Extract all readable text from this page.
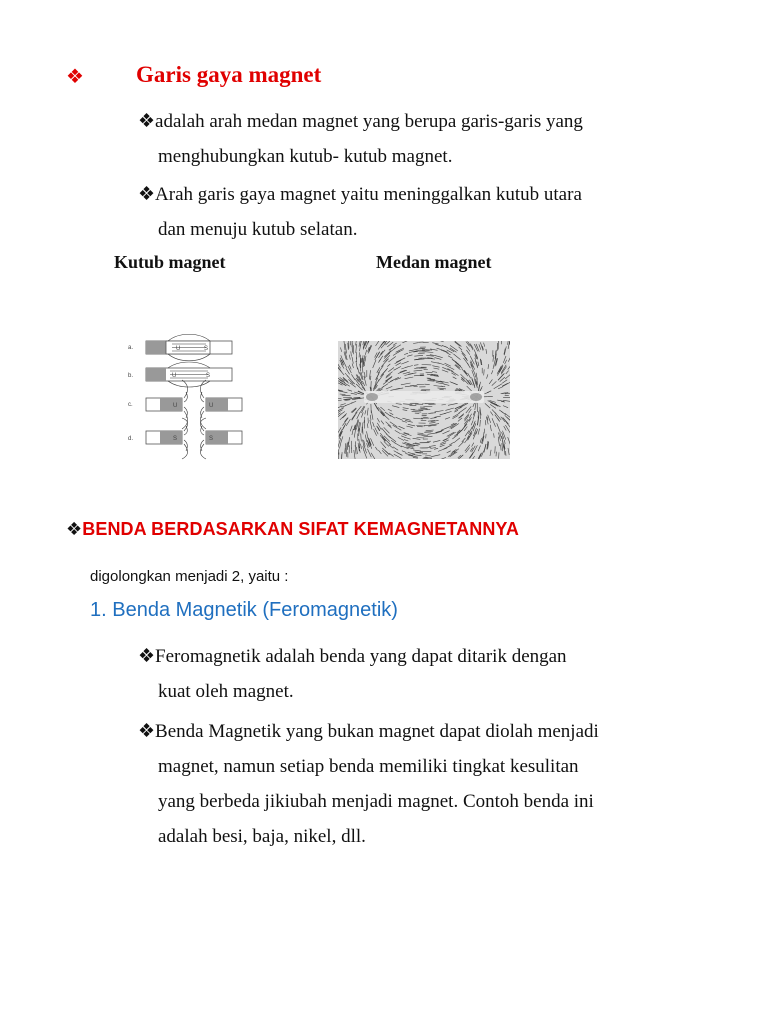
❖ Garis gaya magnet
❖adalah arah medan magnet yang berupa garis-garis yang
menghubungkan kutub- kutub magnet.
❖Arah garis gaya magnet yaitu meninggalkan kutub utara
dan menuju kutub selatan.
Kutub magnet	Medan magnet
a.	U	S
b.	U	S
c.	U	U
d.	S	S
❖BENDA BERDASARKAN SIFAT KEMAGNETANNYA
digolongkan menjadi 2, yaitu :
1. Benda Magnetik (Feromagnetik)
❖Feromagnetik adalah benda yang dapat ditarik dengan
kuat oleh magnet.
❖Benda Magnetik yang bukan magnet dapat diolah menjadi
magnet, namun setiap benda memiliki tingkat kesulitan
yang berbeda jikiubah menjadi magnet. Contoh benda ini
adalah besi, baja, nikel, dll.
